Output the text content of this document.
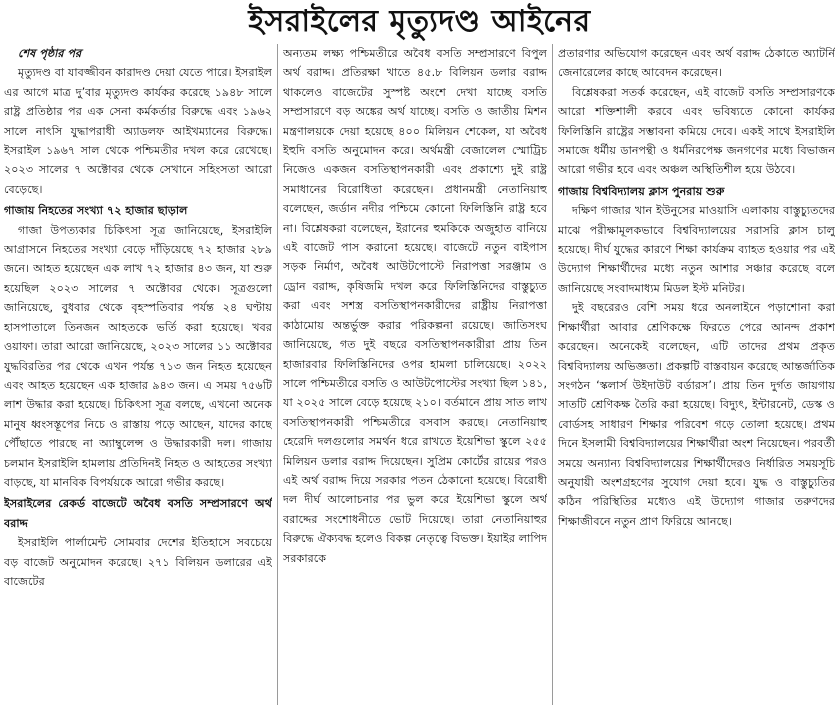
ইসরাইলের মৃত্যুদণ্ড আইনের

শেষ পৃষ্ঠার পর

মৃত্যুদণ্ড বা যাবজ্জীবন কারাদণ্ড দেয়া যেতে পারে। ইসরাইল এর আগে মাত্র দু’বার মৃত্যুদণ্ড কার্যকর করেছে ১৯৪৮ সালে রাষ্ট্র প্রতিষ্ঠার পর এক সেনা কর্মকর্তার বিরুদ্ধে এবং ১৯৬২ সালে নাৎসি যুদ্ধাপরাধী অ্যাডলফ আইখম্যানের বিরুদ্ধে। ইসরাইল ১৯৬৭ সাল থেকে পশ্চিমতীর দখল করে রেখেছে। ২০২৩ সালের ৭ অক্টোবর থেকে সেখানে সহিংসতা আরো বেড়েছে।

গাজায় নিহতের সংখ্যা ৭২ হাজার ছাড়াল

গাজা উপত্যকার চিকিৎসা সূত্র জানিয়েছে, ইসরাইলি আগ্রাসনে নিহতের সংখ্যা বেড়ে দাঁড়িয়েছে ৭২ হাজার ২৮৯ জনে। আহত হয়েছেন এক লাখ ৭২ হাজার ৪৩ জন, যা শুরু হয়েছিল ২০২৩ সালের ৭ অক্টোবর থেকে। সূত্রগুলো জানিয়েছে, বুধবার থেকে বৃহস্পতিবার পর্যন্ত ২৪ ঘণ্টায় হাসপাতালে তিনজন আহতকে ভর্তি করা হয়েছে। খবর ওয়াফা। তারা আরো জানিয়েছে, ২০২৩ সালের ১১ অক্টোবর যুদ্ধবিরতির পর থেকে এখন পর্যন্ত ৭১৩ জন নিহত হয়েছেন এবং আহত হয়েছেন এক হাজার ৯৪৩ জন। এ সময় ৭৫৬টি লাশ উদ্ধার করা হয়েছে। চিকিৎসা সূত্র বলছে, এখনো অনেক মানুষ ধ্বংসস্তূপের নিচে ও রাস্তায় পড়ে আছেন, যাদের কাছে পৌঁছাতে পারছে না অ্যাম্বুলেন্স ও উদ্ধারকারী দল। গাজায় চলমান ইসরাইলি হামলায় প্রতিদিনই নিহত ও আহতের সংখ্যা বাড়ছে, যা মানবিক বিপর্যয়কে আরো গভীর করছে।

ইসরাইলের রেকর্ড বাজেটে অবৈধ বসতি সম্প্রসারণে অর্থ বরাদ্দ

ইসরাইলি পার্লামেন্ট সোমবার দেশের ইতিহাসে সবচেয়ে বড় বাজেট অনুমোদন করেছে। ২৭১ বিলিয়ন ডলারের এই বাজেটের

অন্যতম লক্ষ্য পশ্চিমতীরে অবৈধ বসতি সম্প্রসারণে বিপুল অর্থ বরাদ্দ। প্রতিরক্ষা খাতে ৪৫.৮ বিলিয়ন ডলার বরাদ্দ থাকলেও বাজেটের সুস্পষ্ট অংশে দেখা যাচ্ছে বসতি সম্প্রসারণে বড় অঙ্কের অর্থ যাচ্ছে। বসতি ও জাতীয় মিশন মন্ত্রণালয়কে দেয়া হয়েছে ৪০০ মিলিয়ন শেকেল, যা অবৈধ ইহুদি বসতি অনুমোদন করে। অর্থমন্ত্রী বেজালেল স্মোট্রিচ নিজেও একজন বসতিস্থাপনকারী এবং প্রকাশ্যে দুই রাষ্ট্র সমাধানের বিরোধিতা করেছেন। প্রধানমন্ত্রী নেতানিয়াহু বলেছেন, জর্ডান নদীর পশ্চিমে কোনো ফিলিস্তিনি রাষ্ট্র হবে না। বিশ্লেষকরা বলেছেন, ইরানের হুমকিকে অজুহাত বানিয়ে এই বাজেট পাস করানো হয়েছে। বাজেটে নতুন বাইপাস সড়ক নির্মাণ, অবৈধ আউটপোস্টে নিরাপত্তা সরঞ্জাম ও ড্রোন বরাদ্দ, কৃষিজমি দখল করে ফিলিস্তিনিদের বাস্তুচ্যুত করা এবং সশস্ত্র বসতিস্থাপনকারীদের রাষ্ট্রীয় নিরাপত্তা কাঠামোয় অন্তর্ভুক্ত করার পরিকল্পনা রয়েছে। জাতিসংঘ জানিয়েছে, গত দুই বছরে বসতিস্থাপনকারীরা প্রায় তিন হাজারবার ফিলিস্তিনিদের ওপর হামলা চালিয়েছে। ২০২২ সালে পশ্চিমতীরে বসতি ও আউটপোস্টের সংখ্যা ছিল ১৪১, যা ২০২৫ সালে বেড়ে হয়েছে ২১০। বর্তমানে প্রায় সাত লাখ বসতিস্থাপনকারী পশ্চিমতীরে বসবাস করছে। নেতানিয়াহু হেরেদি দলগুলোর সমর্থন ধরে রাখতে ইয়েশিভা স্কুলে ২৫৫ মিলিয়ন ডলার বরাদ্দ দিয়েছেন। সুপ্রিম কোর্টের রায়ের পরও এই অর্থ বরাদ্দ দিয়ে সরকার পতন ঠেকানো হয়েছে। বিরোধী দল দীর্ঘ আলোচনার পর ভুল করে ইয়েশিভা স্কুলে অর্থ বরাদ্দের সংশোধনীতে ভোট দিয়েছে। তারা নেতানিয়াহুর বিরুদ্ধে ঐক্যবদ্ধ হলেও বিকল্প নেতৃত্বে বিভক্ত। ইয়াইর লাপিদ সরকারকে

প্রতারণার অভিযোগ করেছেন এবং অর্থ বরাদ্দ ঠেকাতে অ্যাটর্নি জেনারেলের কাছে আবেদন করেছেন।

বিশ্লেষকরা সতর্ক করেছেন, এই বাজেট বসতি সম্প্রসারণকে আরো শক্তিশালী করবে এবং ভবিষ্যতে কোনো কার্যকর ফিলিস্তিনি রাষ্ট্রের সম্ভাবনা কমিয়ে দেবে। একই সাথে ইসরাইলি সমাজে ধর্মীয় ডানপন্থী ও ধর্মনিরপেক্ষ জনগণের মধ্যে বিভাজন আরো গভীর হবে এবং অঞ্চল অস্থিতিশীল হয়ে উঠবে।

গাজায় বিশ্ববিদ্যালয় ক্লাস পুনরায় শুরু

দক্ষিণ গাজার খান ইউনুসের মাওয়াসি এলাকায় বাস্তুচ্যুতদের মাঝে পরীক্ষামূলকভাবে বিশ্ববিদ্যালয়ের সরাসরি ক্লাস চালু হয়েছে। দীর্ঘ যুদ্ধের কারণে শিক্ষা কার্যক্রম ব্যাহত হওয়ার পর এই উদ্যোগ শিক্ষার্থীদের মধ্যে নতুন আশার সঞ্চার করেছে বলে জানিয়েছে সংবাদমাধ্যম মিডল ইস্ট মনিটর।

দুই বছরেরও বেশি সময় ধরে অনলাইনে পড়াশোনা করা শিক্ষার্থীরা আবার শ্রেণিকক্ষে ফিরতে পেরে আনন্দ প্রকাশ করেছেন। অনেকেই বলেছেন, এটি তাদের প্রথম প্রকৃত বিশ্ববিদ্যালয় অভিজ্ঞতা। প্রকল্পটি বাস্তবায়ন করেছে আন্তর্জাতিক সংগঠন ‘স্কলার্স উইদাউট বর্ডারস’। প্রায় তিন দুর্গত জায়গায় সাতটি শ্রেণিকক্ষ তৈরি করা হয়েছে। বিদ্যুৎ, ইন্টারনেট, ডেস্ক ও বোর্ডসহ সাধারণ শিক্ষার পরিবেশ গড়ে তোলা হয়েছে। প্রথম দিনে ইসলামী বিশ্ববিদ্যালয়ের শিক্ষার্থীরা অংশ নিয়েছেন। পরবর্তী সময়ে অন্যান্য বিশ্ববিদ্যালয়ের শিক্ষার্থীদেরও নির্ধারিত সময়সূচি অনুযায়ী অংশগ্রহণের সুযোগ দেয়া হবে। যুদ্ধ ও বাস্তুচ্যুতির কঠিন পরিস্থিতির মধ্যেও এই উদ্যোগ গাজার তরুণদের শিক্ষাজীবনে নতুন প্রাণ ফিরিয়ে আনছে।
